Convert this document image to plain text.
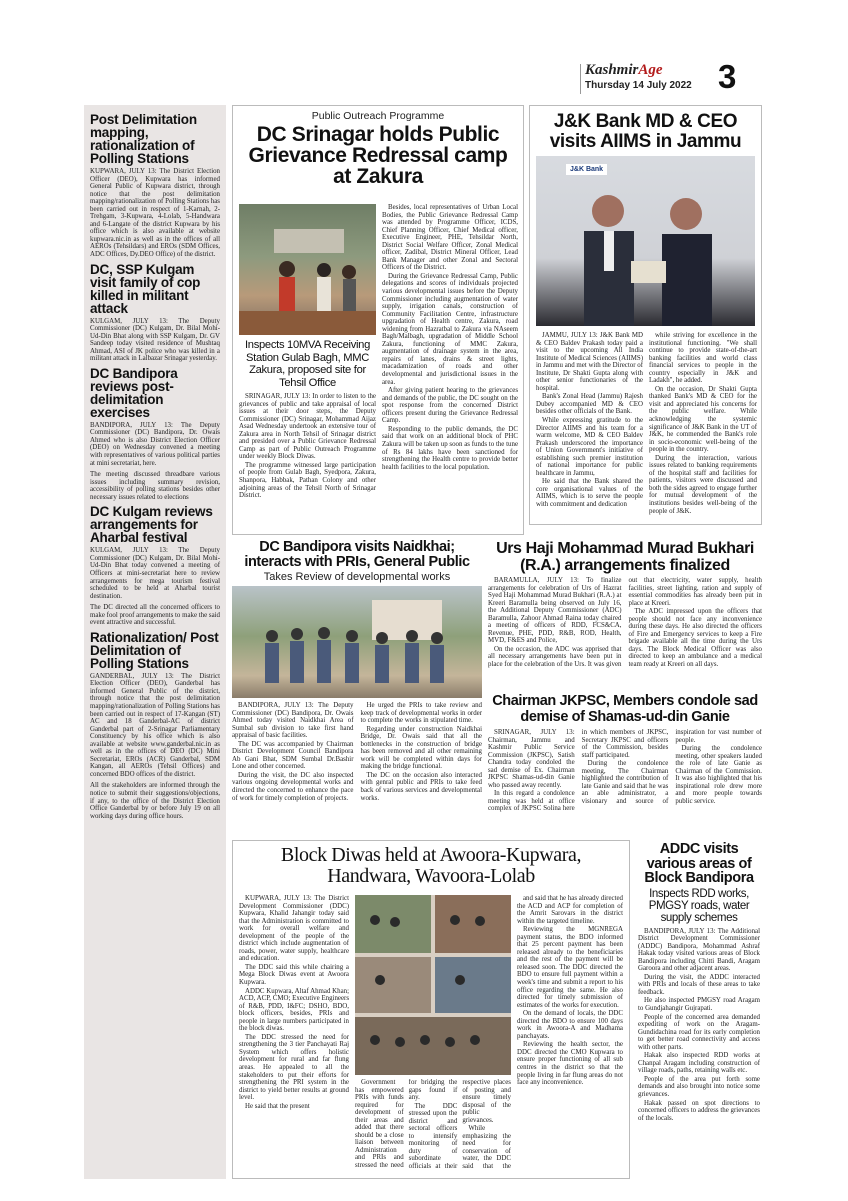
KashmirAge
Thursday 14 July 2022 3
Post Delimitation mapping, rationalization of Polling Stations

KUPWARA, JULY 13: The District Election Officer (DEO), Kupwara has informed General Public of Kupwara district, through notice that the post delimitation mapping/rationalization of Polling Stations has been carried out in respect of 1-Karnah, 2-Trehgam, 3-Kupwara, 4-Lolab, 5-Handwara and 6-Langate of the district Kupwara by his office which is also available at website kupwara.nic.in as well as in the offices of all AEROs (Tehsildars) and EROs (SDM Offices, ADC Offices, Dy.DEO Office) of the district.

DC, SSP Kulgam visit family of cop killed in militant attack

KULGAM, JULY 13: The Deputy Commissioner (DC) Kulgam, Dr. Bilal Mohi-Ud-Din Bhat along with SSP Kulgam, Dr. GV Sandeep today visited residence of Mushtaq Ahmad, ASI of JK police who was killed in a militant attack in Lalbazar Srinagar yesterday.

DC Bandipora reviews post-delimitation exercises

BANDIPORA, JULY 13: The Deputy Commissioner (DC) Bandipora, Dr. Owais Ahmed who is also District Election Officer (DEO) on Wednesday convened a meeting with representatives of various political parties at mini secretariat, here.

The meeting discussed threadbare various issues including summary revision, accessibility of polling stations besides other necessary issues related to elections

DC Kulgam reviews arrangements for Aharbal festival

KULGAM, JULY 13: The Deputy Commissioner (DC) Kulgam, Dr. Bilal Mohi-Ud-Din Bhat today convened a meeting of Officers at mini-secretariat here to review arrangements for mega tourism festival scheduled to be held at Aharbal tourist destination.

The DC directed all the concerned officers to make fool proof arrangements to make the said event attractive and successful.

Rationalization/ Post Delimitation of Polling Stations

GANDERBAL, JULY 13: The District Election Officer (DEO), Ganderbal has informed General Public of the district, through notice that the post delimitation mapping/rationalization of Polling Stations has been carried out in respect of 17-Kangan (ST) AC and 18 Ganderbal-AC of district Ganderbal part of 2-Srinagar Parliamentary Constituency by his office which is also available at website www.ganderbal.nic.in as well as in the offices of DEO (DC) Mini Secretariat, EROs (ACR) Ganderbal, SDM Kangan, all AEROs (Tehsil Offices) and concerned BDO offices of the district.

All the stakeholders are informed through the notice to submit their suggestions/objections, if any, to the office of the District Election Office Ganderbal by or before July 19 on all working days during office hours.

Public Outreach Programme
DC Srinagar holds Public Grievance Redressal camp at Zakura
Inspects 10MVA Receiving Station Gulab Bagh, MMC Zakura, proposed site for Tehsil Office

SRINAGAR, JULY 13: In order to listen to the grievances of public and take appraisal of local issues at their door steps, the Deputy Commissioner (DC) Srinagar, Mohammad Aijaz Asad Wednesday undertook an extensive tour of Zakura area in North Tehsil of Srinagar district and presided over a Public Grievance Redressal Camp as part of Public Outreach Programme under weekly Block Diwas.

The programme witnessed large participation of people from Gulab Bagh, Syedpora, Zakura, Shanpora, Habbak, Pathan Colony and other adjoining areas of the Tehsil North of Srinagar District.

Besides, local representatives of Urban Local Bodies, the Public Grievance Redressal Camp was attended by Programme Officer, ICDS, Chief Planning Officer, Chief Medical officer, Executive Engineer, PHE, Tehsildar North, District Social Welfare Officer, Zonal Medical officer, Zadibal, District Mineral Officer, Lead Bank Manager and other Zonal and Sectoral Officers of the District.

During the Grievance Redressal Camp, Public delegations and scores of individuals projected various developmental issues before the Deputy Commissioner including augmentation of water supply, irrigation canals, construction of Community Facilitation Centre, infrastructure upgradation of Health centre, Zakura, road widening from Hazratbal to Zakura via NAseem Bagh/Malbagh, upgradation of Middle School Zakura, functioning of MMC Zakura, augmentation of drainage system in the area, repairs of lanes, drains & street lights, macadamization of roads and other developmental and jurisdictional issues in the area.

After giving patient hearing to the grievances and demands of the public, the DC sought on the spot response from the concerned District officers present during the Grievance Redressal Camp.

Responding to the public demands, the DC said that work on an additional block of PHC Zakura will be taken up soon as funds to the tune of Rs 84 lakhs have been sanctioned for strengthening the Health centre to provide better health facilities to the local population.

J&K Bank MD & CEO visits AIIMS in Jammu
J&K Bank

JAMMU, JULY 13: J&K Bank MD & CEO Baldev Prakash today paid a visit to the upcoming All India Institute of Medical Sciences (AIIMS) in Jammu and met with the Director of Institute, Dr Shakti Gupta along with other senior functionaries of the hospital.

Bank's Zonal Head (Jammu) Rajesh Dubey accompanied MD & CEO besides other officials of the Bank.

While expressing gratitude to the Director AIIMS and his team for a warm welcome, MD & CEO Baldev Prakash underscored the importance of Union Government's initiative of establishing such premier institution of national importance for public healthcare in Jammu,

He said that the Bank shared the core organisational values of the AIIMS, which is to serve the people with commitment and dedication

while striving for excellence in the institutional functioning. "We shall continue to provide state-of-the-art banking facilities and world class financial services to people in the country especially in J&K and Ladakh", he added.

On the occasion, Dr Shakti Gupta thanked Bank's MD & CEO for the visit and appreciated his concerns for the public welfare. While acknowledging the systemic significance of J&K Bank in the UT of J&K, he commended the Bank's role in socio-economic well-being of the people in the country.

During the interaction, various issues related to banking requirements of the hospital staff and facilities for patients, visitors were discussed and both the sides agreed to engage further for mutual development of the institutions besides well-being of the people of J&K.

DC Bandipora visits Naidkhai; interacts with PRIs, General Public
Takes Review of developmental works

BANDIPORA, JULY 13: The Deputy Commissioner (DC) Bandipora, Dr. Owais Ahmed today visited Naidkhai Area of Sumbal sub division to take first hand appraisal of basic facilities.

The DC was accompanied by Chairman District Development Council Bandipora Ab Gani Bhat, SDM Sumbal Dr.Bashir Lone and other concerned.

During the visit, the DC also inspected various ongoing developmental works and directed the concerned to enhance the pace of work for timely completion of projects.

He urged the PRIs to take review and keep track of developmental works in order to complete the works in stipulated time.

Regarding under construction Naidkhai Bridge, Dr. Owais said that all the bottlenecks in the construction of bridge has been removed and all other remaining work will be completed within days for making the bridge functional.

The DC on the occasion also interacted with genral public and PRIs to take feed back of various services and developmental works.

Urs Haji Mohammad Murad Bukhari (R.A.) arrangements finalized

BARAMULLA, JULY 13: To finalize arrangements for celebration of Urs of Hazrat Syed Haji Mohammad Murad Bukhari (R.A.) at Kreeri Baramulla being observed on July 16, the Additional Deputy Commissioner (ADC) Baramulla, Zahoor Ahmad Raina today chaired a meeting of officers of RDD, FCS&CA, Revenue, PHE, PDD, R&B, ROD, Health, MVD, F&ES and Police,

On the occasion, the ADC was apprised that all necessary arrangements have been put in place for the celebration of the Urs. It was given out that electricity, water supply, health facilities, street lighting, ration and supply of essential commodities has already been put in place at Kreeri.

The ADC impressed upon the officers that people should not face any inconvenience during these days. He also directed the officers of Fire and Emergency services to keep a Fire brigade available all the time during the Urs days. The Block Medical Officer was also directed to keep an ambulance and a medical team ready at Kreeri on all days.

Chairman JKPSC, Members condole sad demise of Shamas-ud-din Ganie

SRINAGAR, JULY 13: Chairman, Jammu and Kashmir Public Service Commission (JKPSC), Satish Chandra today condoled the sad demise of Ex. Chairman JKPSC Shamas-ud-din Ganie who passed away recently.

In this regard a condolence meeting was held at office complex of JKPSC Solina here in which members of JKPSC, Secretary JKPSC and officers of the Commission, besides staff participated.

During the condolence meeting, The Chairman highlighted the contribution of late Ganie and said that he was an able administrator, a visionary and source of inspiration for vast number of people.

During the condolence meeting, other speakers lauded the role of late Ganie as Chairman of the Commission. It was also highlighted that his inspirational role drew more and more people towards public service.

Block Diwas held at Awoora-Kupwara, Handwara, Wavoora-Lolab

KUPWARA, JULY 13: The District Development Commissioner (DDC) Kupwara, Khalid Jahangir today said that the Administration is committed to work for overall welfare and development of the people of the district which include augmentation of roads, power, water supply, healthcare and education.

The DDC said this while chairing a Mega Block Diwas event at Awoora Kupwara.

ADDC Kupwara, Altaf Ahmad Khan; ACD, ACP, CMO; Executive Engineers of R&B, PDD, I&FC; DSHO, BDO, block officers, besides, PRIs and people in large numbers participated in the block diwas.

The DDC stressed the need for strengthening the 3 tier Panchayati Raj System which offers holistic development for rural and far flung areas. He appealed to all the stakeholders to put their efforts for strengthening the PRI system in the district to yield better results at ground level.

He said that the present

Government has empowered PRIs with funds required for development of their areas and added that there should be a close liaison between Administration and PRIs and stressed the need for bridging the gaps found if any.

The DDC stressed upon the district and sectoral officers to intensify monitoring of duty of subordinate officials at their respective places of posting and ensure timely disposal of the public grievances.

While emphasizing the need for conservation of water, the DDC said that the

and said that he has already directed the ACD and ACP for completion of the Amrit Sarovars in the district within the targeted timeline.

Reviewing the MGNREGA payment status, the BDO informed that 25 percent payment has been released already to the beneficiaries and the rest of the payment will be released soon. The DDC directed the BDO to ensure full payment within a week's time and submit a report to his office regarding the same. He also directed for timely submission of estimates of the works for execution.

On the demand of locals, the DDC directed the BDO to ensure 100 days work in Awoora-A and Madhama panchayats.

Reviewing the health sector, the DDC directed the CMO Kupwara to ensure proper functioning of all sub centres in the district so that the people living in far flung areas do not face any inconvenience.

ADDC visits various areas of Block Bandipora
Inspects RDD works, PMGSY roads, water supply schemes

BANDIPORA, JULY 13: The Additional District Development Commissioner (ADDC) Bandipora, Mohammad Ashraf Hakak today visited various areas of Block Bandipora including Chitti Bandi, Aragam Garoora and other adjacent areas.

During the visit, the ADDC interacted with PRIs and locals of these areas to take feedback.

He also inspected PMGSY road Aragam to Gundjahangir Gujrapati.

People of the concerned area demanded expediting of work on the Aragam-Gundidachina road for its early completion to get better road connectivity and access with other parts.

Hakak also inspected RDD works at Chanpal Aragam including construction of village roads, paths, retaining walls etc.

People of the area put forth some demands and also brought into notice some grievances.

Hakak passed on spot directions to concerned officers to address the grievances of the locals.
